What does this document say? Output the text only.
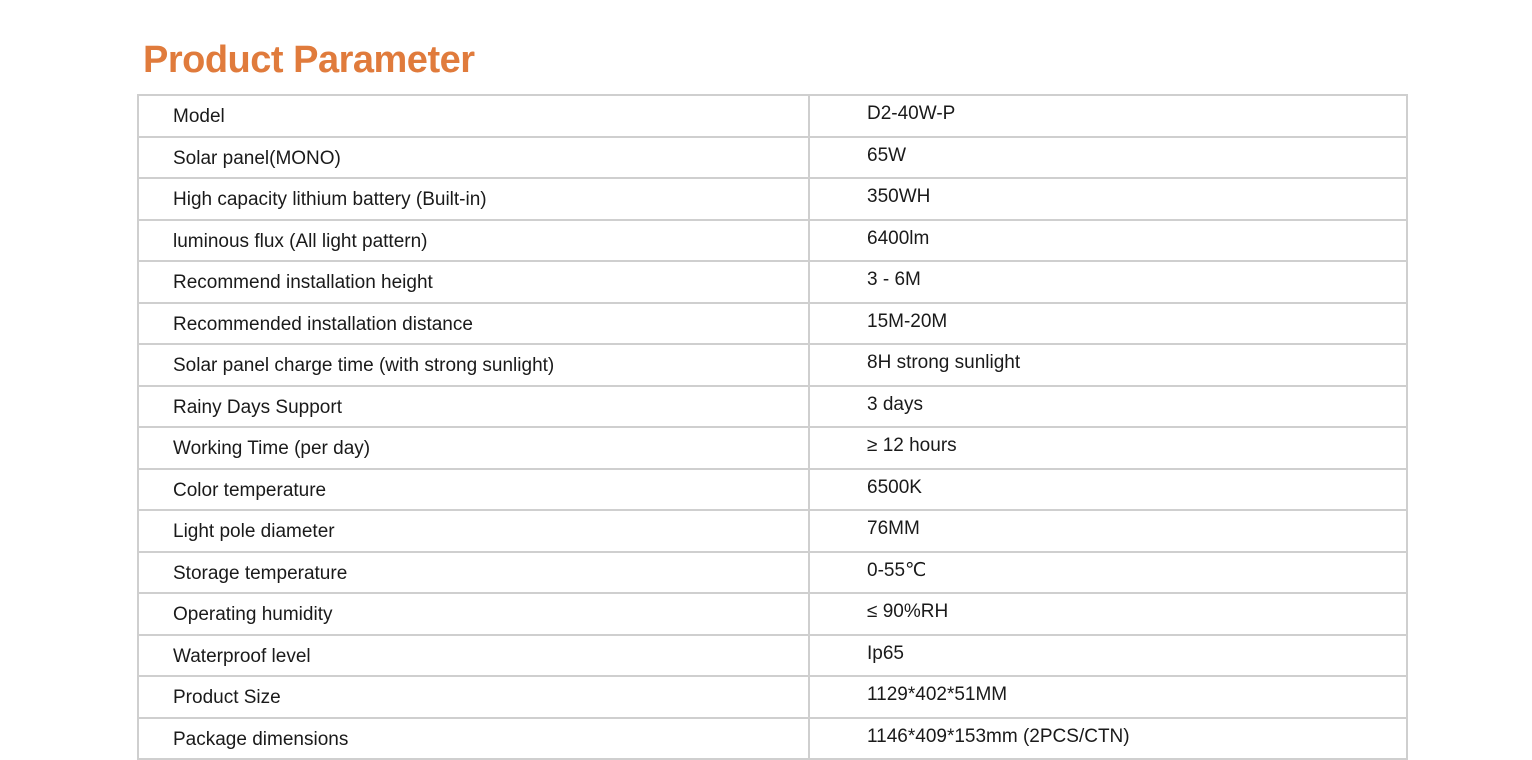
Product Parameter
Model	D2-40W-P
Solar panel(MONO)	65W
High capacity lithium battery (Built-in)	350WH
luminous flux (All light pattern)	6400lm
Recommend installation height	3 - 6M
Recommended installation distance	15M-20M
Solar panel charge time (with strong sunlight)	8H strong sunlight
Rainy Days Support	3 days
Working Time (per day)	≥ 12 hours
Color temperature	6500K
Light pole diameter	76MM
Storage temperature	0-55℃
Operating humidity	≤ 90%RH
Waterproof level	Ip65
Product Size	1129*402*51MM
Package dimensions	1146*409*153mm (2PCS/CTN)
